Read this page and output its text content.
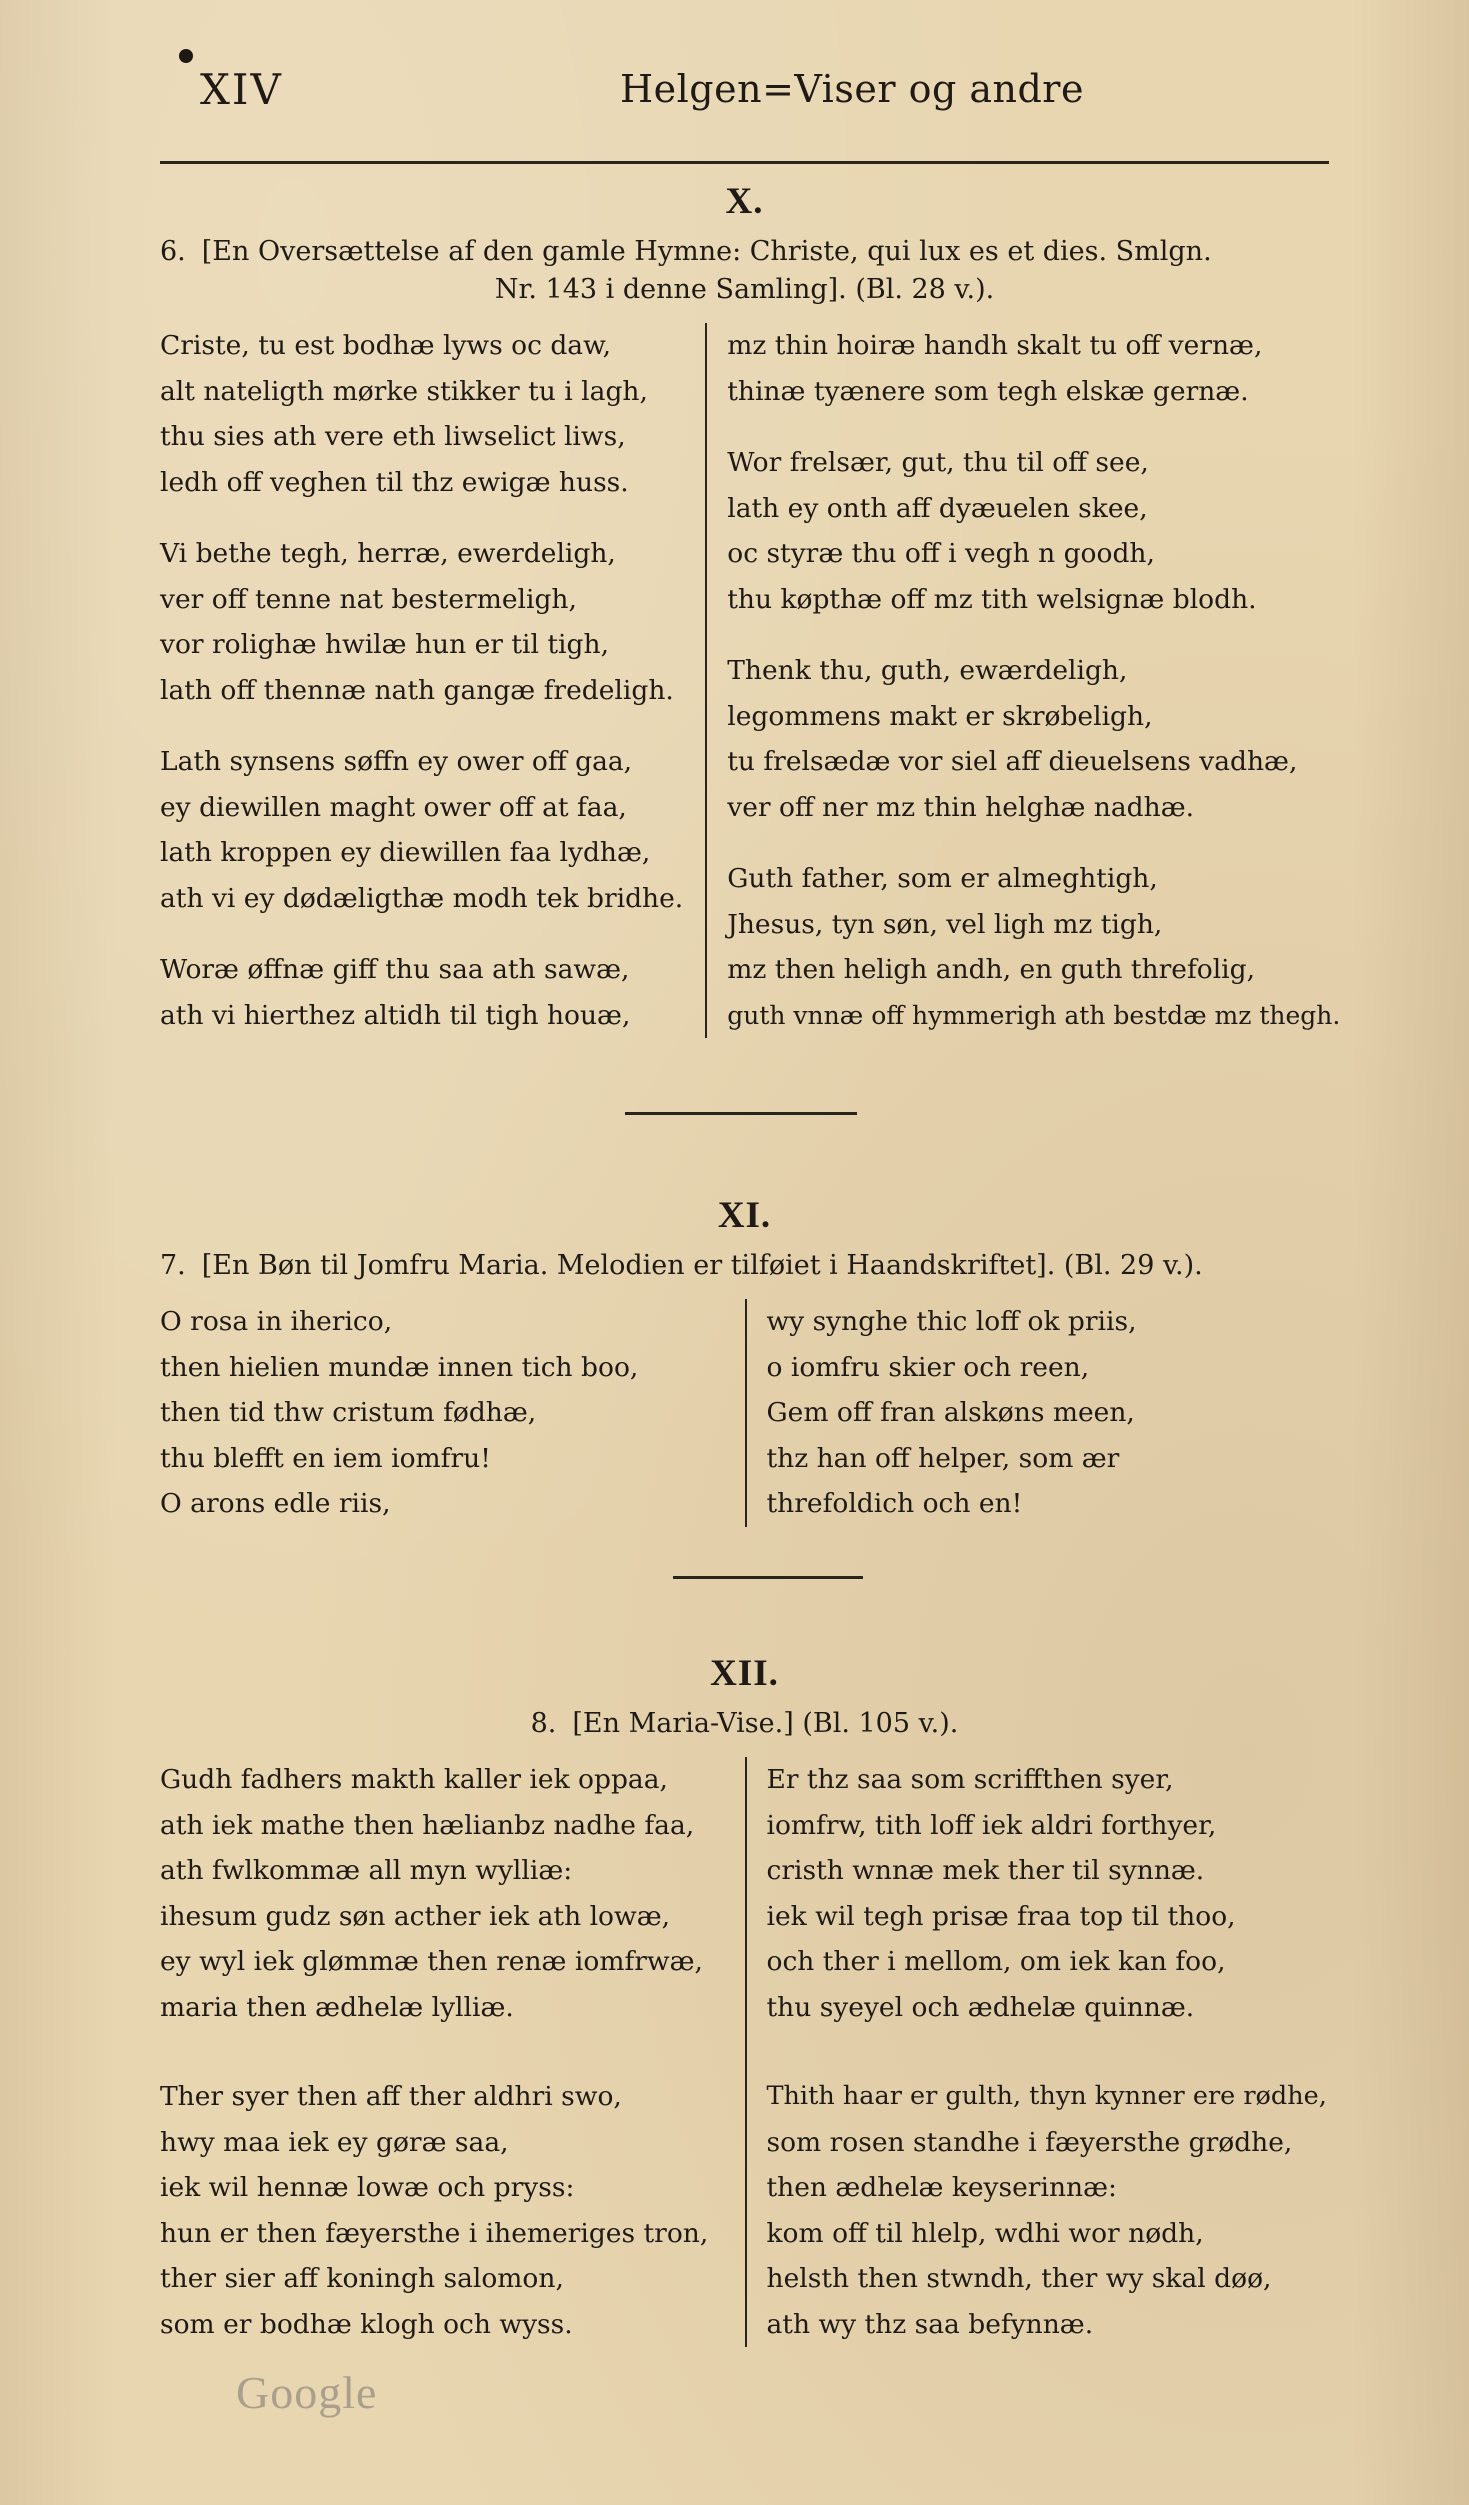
XIV	Helgen=Viser og andre
X.

6. [En Oversættelse af den gamle Hymne: Christe, qui lux es et dies. Smlgn.

Nr. 143 i denne Samling]. (Bl. 28 v.).

Criste, tu est bodhæ lyws oc daw,
alt nateligth mørke stikker tu i lagh,
thu sies ath vere eth liwselict liws,
ledh off veghen til thz ewigæ huss.
Vi bethe tegh, herræ, ewerdeligh,
ver off tenne nat bestermeligh,
vor rolighæ hwilæ hun er til tigh,
lath off thennæ nath gangæ fredeligh.
Lath synsens søffn ey ower off gaa,
ey diewillen maght ower off at faa,
lath kroppen ey diewillen faa lydhæ,
ath vi ey dødæligthæ modh tek bridhe.
Woræ øffnæ giff thu saa ath sawæ,
ath vi hierthez altidh til tigh houæ,
mz thin hoiræ handh skalt tu off vernæ,
thinæ tyænere som tegh elskæ gernæ.
Wor frelsær, gut, thu til off see,
lath ey onth aff dyæuelen skee,
oc styræ thu off i vegh n goodh,
thu køpthæ off mz tith welsignæ blodh.
Thenk thu, guth, ewærdeligh,
legommens makt er skrøbeligh,
tu frelsædæ vor siel aff dieuelsens vadhæ,
ver off ner mz thin helghæ nadhæ.
Guth father, som er almeghtigh,
Jhesus, tyn søn, vel ligh mz tigh,
mz then heligh andh, en guth threfolig,
guth vnnæ off hymmerigh ath bestdæ mz thegh.
XI.

7. [En Bøn til Jomfru Maria. Melodien er tilføiet i Haandskriftet]. (Bl. 29 v.).

O rosa in iherico,
then hielien mundæ innen tich boo,
then tid thw cristum fødhæ,
thu blefft en iem iomfru!
O arons edle riis,
wy synghe thic loff ok priis,
o iomfru skier och reen,
Gem off fran alskøns meen,
thz han off helper, som ær
threfoldich och en!
XII.

8. [En Maria-Vise.] (Bl. 105 v.).

Gudh fadhers makth kaller iek oppaa,
ath iek mathe then hælianbz nadhe faa,
ath fwlkommæ all myn wylliæ:
ihesum gudz søn acther iek ath lowæ,
ey wyl iek glømmæ then renæ iomfrwæ,
maria then ædhelæ lylliæ.
Ther syer then aff ther aldhri swo,
hwy maa iek ey gøræ saa,
iek wil hennæ lowæ och pryss:
hun er then fæyersthe i ihemeriges tron,
ther sier aff koningh salomon,
som er bodhæ klogh och wyss.
Er thz saa som scriffthen syer,
iomfrw, tith loff iek aldri forthyer,
cristh wnnæ mek ther til synnæ.
iek wil tegh prisæ fraa top til thoo,
och ther i mellom, om iek kan foo,
thu syeyel och ædhelæ quinnæ.
Thith haar er gulth, thyn kynner ere rødhe,
som rosen standhe i fæyersthe grødhe,
then ædhelæ keyserinnæ:
kom off til hlelp, wdhi wor nødh,
helsth then stwndh, ther wy skal døø,
ath wy thz saa befynnæ.
Google
